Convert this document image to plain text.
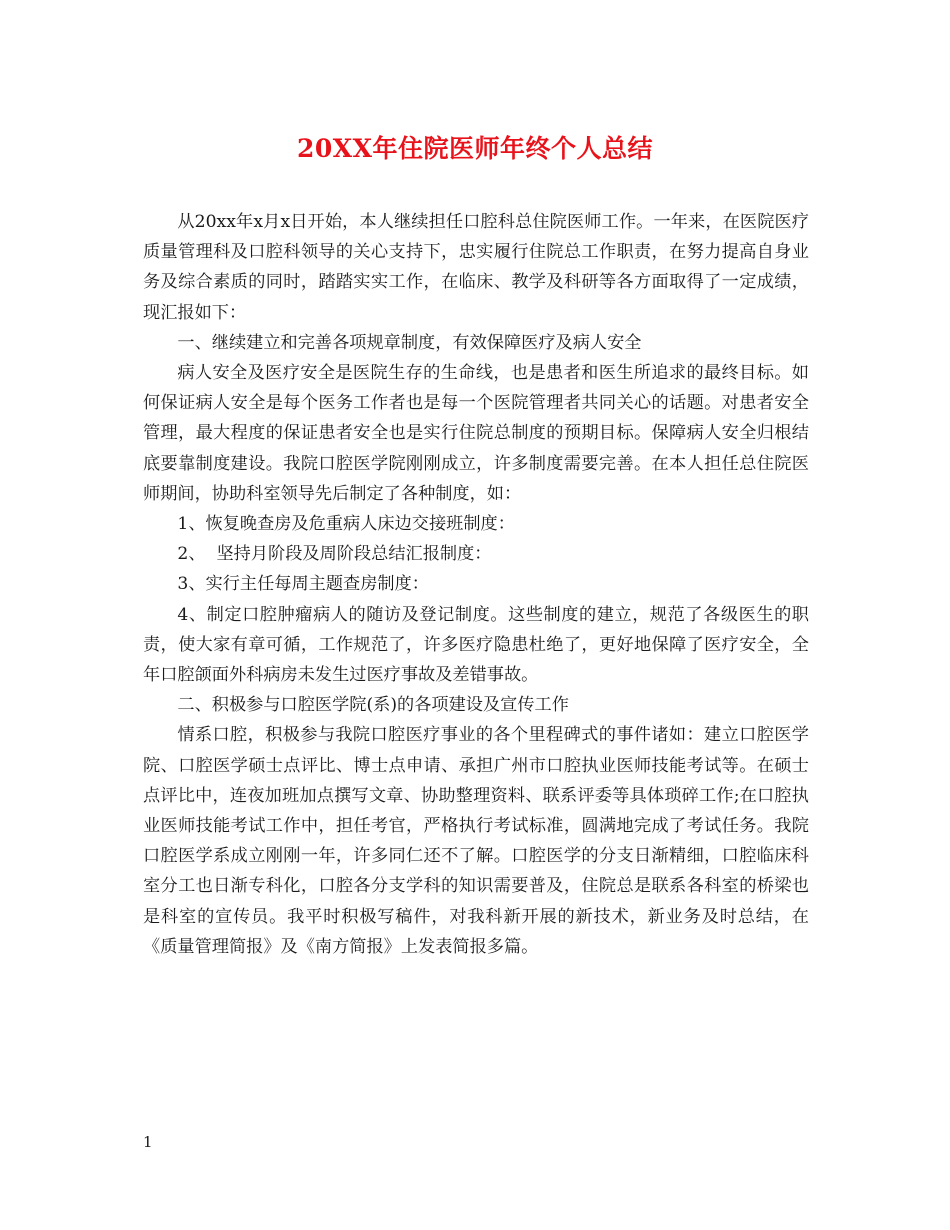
20XX年住院医师年终个人总结

从20xx年x月x日开始，本人继续担任口腔科总住院医师工作。一年来，在医院医疗质量管理科及口腔科领导的关心支持下，忠实履行住院总工作职责，在努力提高自身业务及综合素质的同时，踏踏实实工作，在临床、教学及科研等各方面取得了一定成绩，现汇报如下：

一、继续建立和完善各项规章制度，有效保障医疗及病人安全

病人安全及医疗安全是医院生存的生命线，也是患者和医生所追求的最终目标。如何保证病人安全是每个医务工作者也是每一个医院管理者共同关心的话题。对患者安全管理，最大程度的保证患者安全也是实行住院总制度的预期目标。保障病人安全归根结底要靠制度建设。我院口腔医学院刚刚成立，许多制度需要完善。在本人担任总住院医师期间，协助科室领导先后制定了各种制度，如：

1、恢复晚查房及危重病人床边交接班制度：

2、  坚持月阶段及周阶段总结汇报制度：

3、实行主任每周主题查房制度：

4、制定口腔肿瘤病人的随访及登记制度。这些制度的建立，规范了各级医生的职责，使大家有章可循，工作规范了，许多医疗隐患杜绝了，更好地保障了医疗安全，全年口腔颌面外科病房未发生过医疗事故及差错事故。

二、积极参与口腔医学院(系)的各项建设及宣传工作

情系口腔，积极参与我院口腔医疗事业的各个里程碑式的事件诸如：建立口腔医学院、口腔医学硕士点评比、博士点申请、承担广州市口腔执业医师技能考试等。在硕士点评比中，连夜加班加点撰写文章、协助整理资料、联系评委等具体琐碎工作;在口腔执业医师技能考试工作中，担任考官，严格执行考试标准，圆满地完成了考试任务。我院口腔医学系成立刚刚一年，许多同仁还不了解。口腔医学的分支日渐精细，口腔临床科室分工也日渐专科化，口腔各分支学科的知识需要普及，住院总是联系各科室的桥梁也是科室的宣传员。我平时积极写稿件，对我科新开展的新技术，新业务及时总结，在《质量管理简报》及《南方简报》上发表简报多篇。

1
